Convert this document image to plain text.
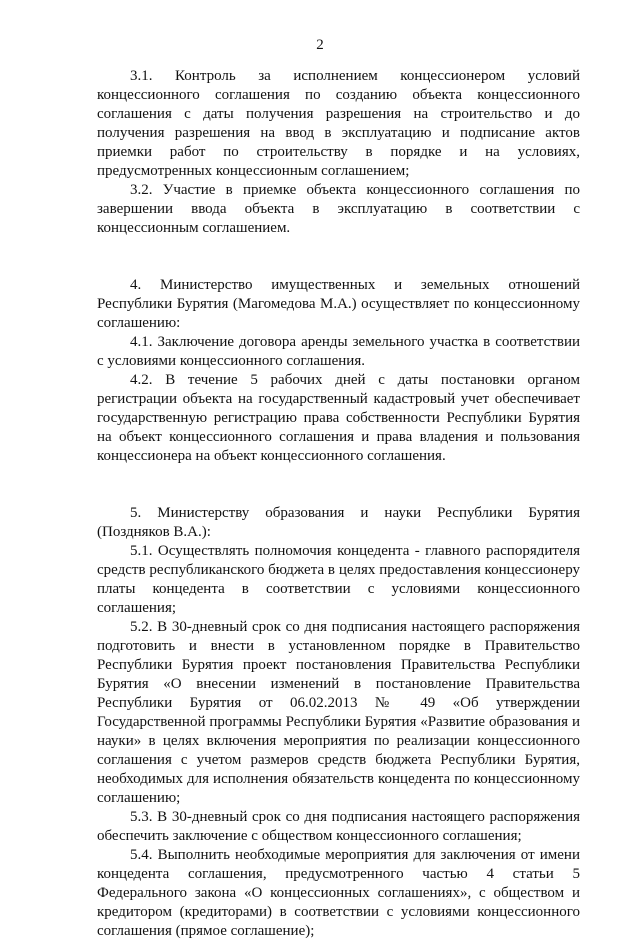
2

3.1. Контроль за исполнением концессионером условий концессионного соглашения по созданию объекта концессионного соглашения с даты получения разрешения на строительство и до получения разрешения на ввод в эксплуатацию и подписание актов приемки работ по строительству в порядке и на условиях, предусмотренных концессионным соглашением;

3.2. Участие в приемке объекта концессионного соглашения по завершении ввода объекта в эксплуатацию в соответствии с концессионным соглашением.

4. Министерство имущественных и земельных отношений Республики Бурятия (Магомедова М.А.) осуществляет по концессионному соглашению:

4.1. Заключение договора аренды земельного участка в соответствии с условиями концессионного соглашения.

4.2. В течение 5 рабочих дней с даты постановки органом регистрации объекта на государственный кадастровый учет обеспечивает государственную регистрацию права собственности Республики Бурятия на объект концессионного соглашения и права владения и пользования концессионера на объект концессионного соглашения.

5. Министерству образования и науки Республики Бурятия (Поздняков В.А.):

5.1. Осуществлять полномочия концедента - главного распорядителя средств республиканского бюджета в целях предоставления концессионеру платы концедента в соответствии с условиями концессионного соглашения;

5.2. В 30-дневный срок со дня подписания настоящего распоряжения подготовить и внести в установленном порядке в Правительство Республики Бурятия проект постановления Правительства Республики Бурятия «О внесении изменений в постановление Правительства Республики Бурятия от 06.02.2013 № 49 «Об утверждении Государственной программы Республики Бурятия «Развитие образования и науки» в целях включения мероприятия по реализации концессионного соглашения с учетом размеров средств бюджета Республики Бурятия, необходимых для исполнения обязательств концедента по концессионному соглашению;

5.3. В 30-дневный срок со дня подписания настоящего распоряжения обеспечить заключение с обществом концессионного соглашения;

5.4. Выполнить необходимые мероприятия для заключения от имени концедента соглашения, предусмотренного частью 4 статьи 5 Федерального закона «О концессионных соглашениях», с обществом и кредитором (кредиторами) в соответствии с условиями концессионного соглашения (прямое соглашение);
